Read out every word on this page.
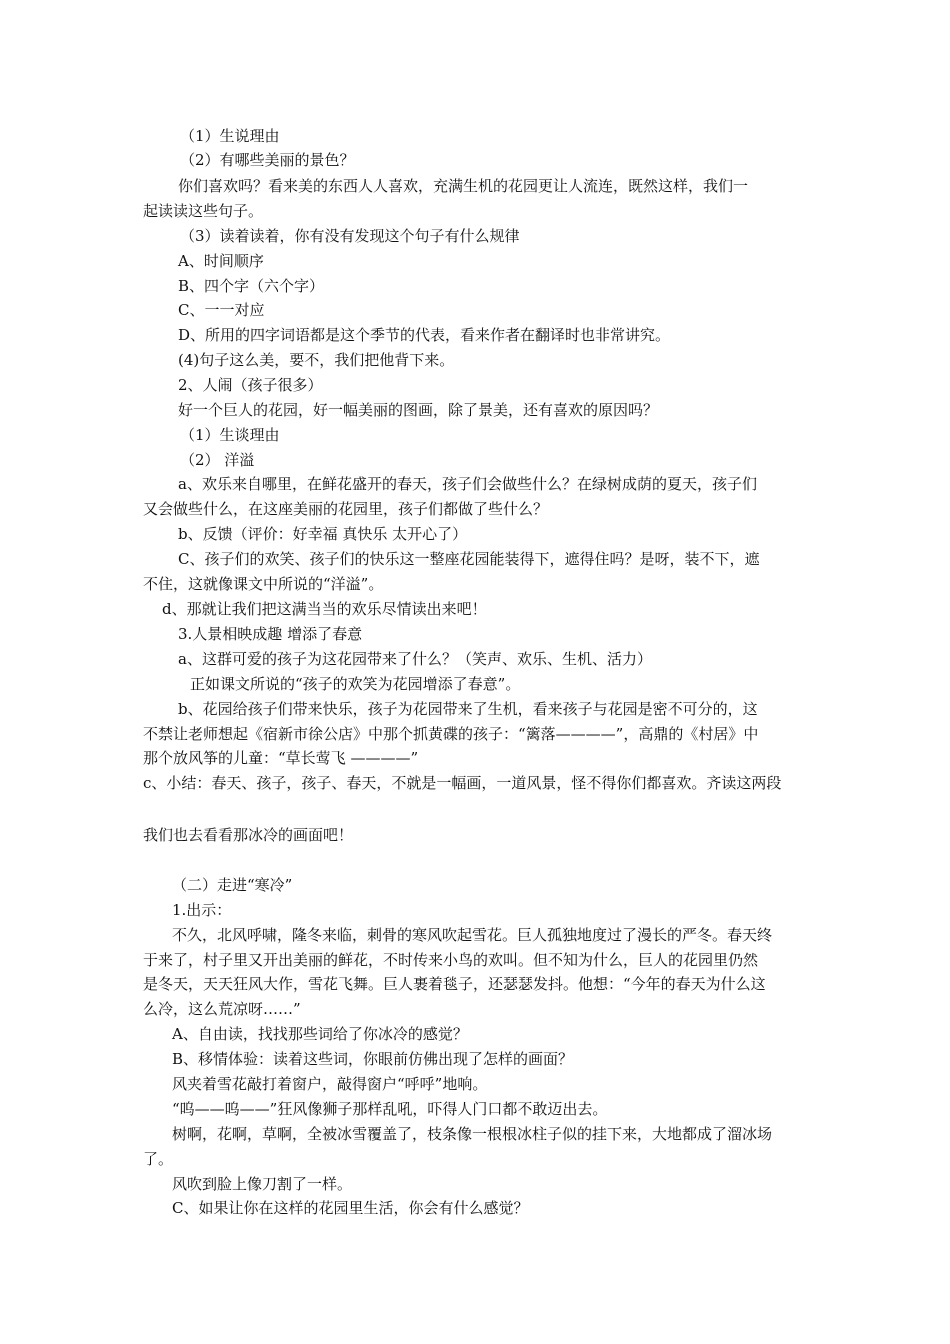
（1）生说理由
（2）有哪些美丽的景色？
你们喜欢吗？看来美的东西人人喜欢，充满生机的花园更让人流连，既然这样，我们一
起读读这些句子。
（3）读着读着，你有没有发现这个句子有什么规律
A、时间顺序
B、四个字（六个字）
C、一一对应
D、所用的四字词语都是这个季节的代表，看来作者在翻译时也非常讲究。
(4)句子这么美，要不，我们把他背下来。
2、人闹（孩子很多）
好一个巨人的花园，好一幅美丽的图画，除了景美，还有喜欢的原因吗？
（1）生谈理由
（2） 洋溢
a、欢乐来自哪里，在鲜花盛开的春天，孩子们会做些什么？在绿树成荫的夏天，孩子们
又会做些什么，在这座美丽的花园里，孩子们都做了些什么？
b、反馈（评价：好幸福 真快乐 太开心了）
C、孩子们的欢笑、孩子们的快乐这一整座花园能装得下，遮得住吗？是呀，装不下，遮
不住，这就像课文中所说的“洋溢”。
d、那就让我们把这满当当的欢乐尽情读出来吧！
3.人景相映成趣 增添了春意
a、这群可爱的孩子为这花园带来了什么？（笑声、欢乐、生机、活力）
正如课文所说的“孩子的欢笑为花园增添了春意”。
b、花园给孩子们带来快乐，孩子为花园带来了生机，看来孩子与花园是密不可分的，这
不禁让老师想起《宿新市徐公店》中那个抓黄碟的孩子：“篱落————”，高鼎的《村居》中
那个放风筝的儿童：“草长莺飞 ————”
c、小结：春天、孩子，孩子、春天，不就是一幅画，一道风景，怪不得你们都喜欢。齐读这两段
我们也去看看那冰冷的画面吧！
（二）走进“寒冷”
1.出示：
不久，北风呼啸，隆冬来临，刺骨的寒风吹起雪花。巨人孤独地度过了漫长的严冬。春天终
于来了，村子里又开出美丽的鲜花，不时传来小鸟的欢叫。但不知为什么，巨人的花园里仍然
是冬天，天天狂风大作，雪花飞舞。巨人裹着毯子，还瑟瑟发抖。他想：“今年的春天为什么这
么冷，这么荒凉呀……”
A、自由读，找找那些词给了你冰冷的感觉？
B、移情体验：读着这些词，你眼前仿佛出现了怎样的画面？
风夹着雪花敲打着窗户，敲得窗户“呼呼”地响。
“呜——呜——”狂风像狮子那样乱吼，吓得人门口都不敢迈出去。
树啊，花啊，草啊，全被冰雪覆盖了，枝条像一根根冰柱子似的挂下来，大地都成了溜冰场
了。
风吹到脸上像刀割了一样。
C、如果让你在这样的花园里生活，你会有什么感觉？
